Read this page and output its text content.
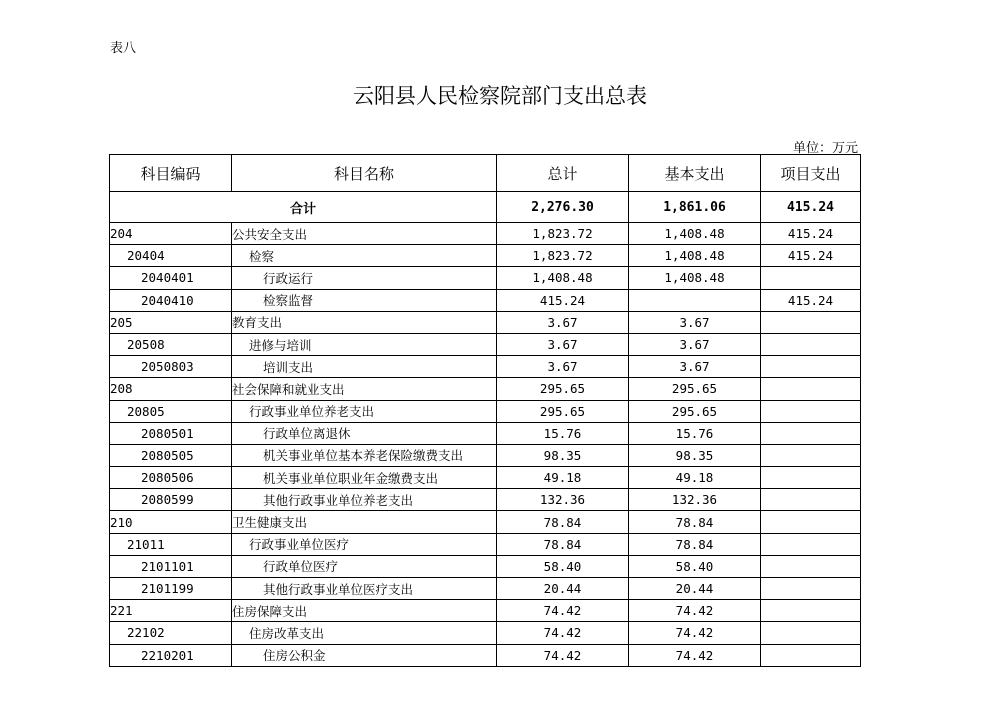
表八
云阳县人民检察院部门支出总表
单位：万元
科目编码	科目名称	总计	基本支出	项目支出
合计		2,276.30	1,861.06	415.24
204	公共安全支出	1,823.72	1,408.48	415.24
20404	检察	1,823.72	1,408.48	415.24
2040401	行政运行	1,408.48	1,408.48	
2040410	检察监督	415.24		415.24
205	教育支出	3.67	3.67	
20508	进修与培训	3.67	3.67	
2050803	培训支出	3.67	3.67	
208	社会保障和就业支出	295.65	295.65	
20805	行政事业单位养老支出	295.65	295.65	
2080501	行政单位离退休	15.76	15.76	
2080505	机关事业单位基本养老保险缴费支出	98.35	98.35	
2080506	机关事业单位职业年金缴费支出	49.18	49.18	
2080599	其他行政事业单位养老支出	132.36	132.36	
210	卫生健康支出	78.84	78.84	
21011	行政事业单位医疗	78.84	78.84	
2101101	行政单位医疗	58.40	58.40	
2101199	其他行政事业单位医疗支出	20.44	20.44	
221	住房保障支出	74.42	74.42	
22102	住房改革支出	74.42	74.42	
2210201	住房公积金	74.42	74.42	
